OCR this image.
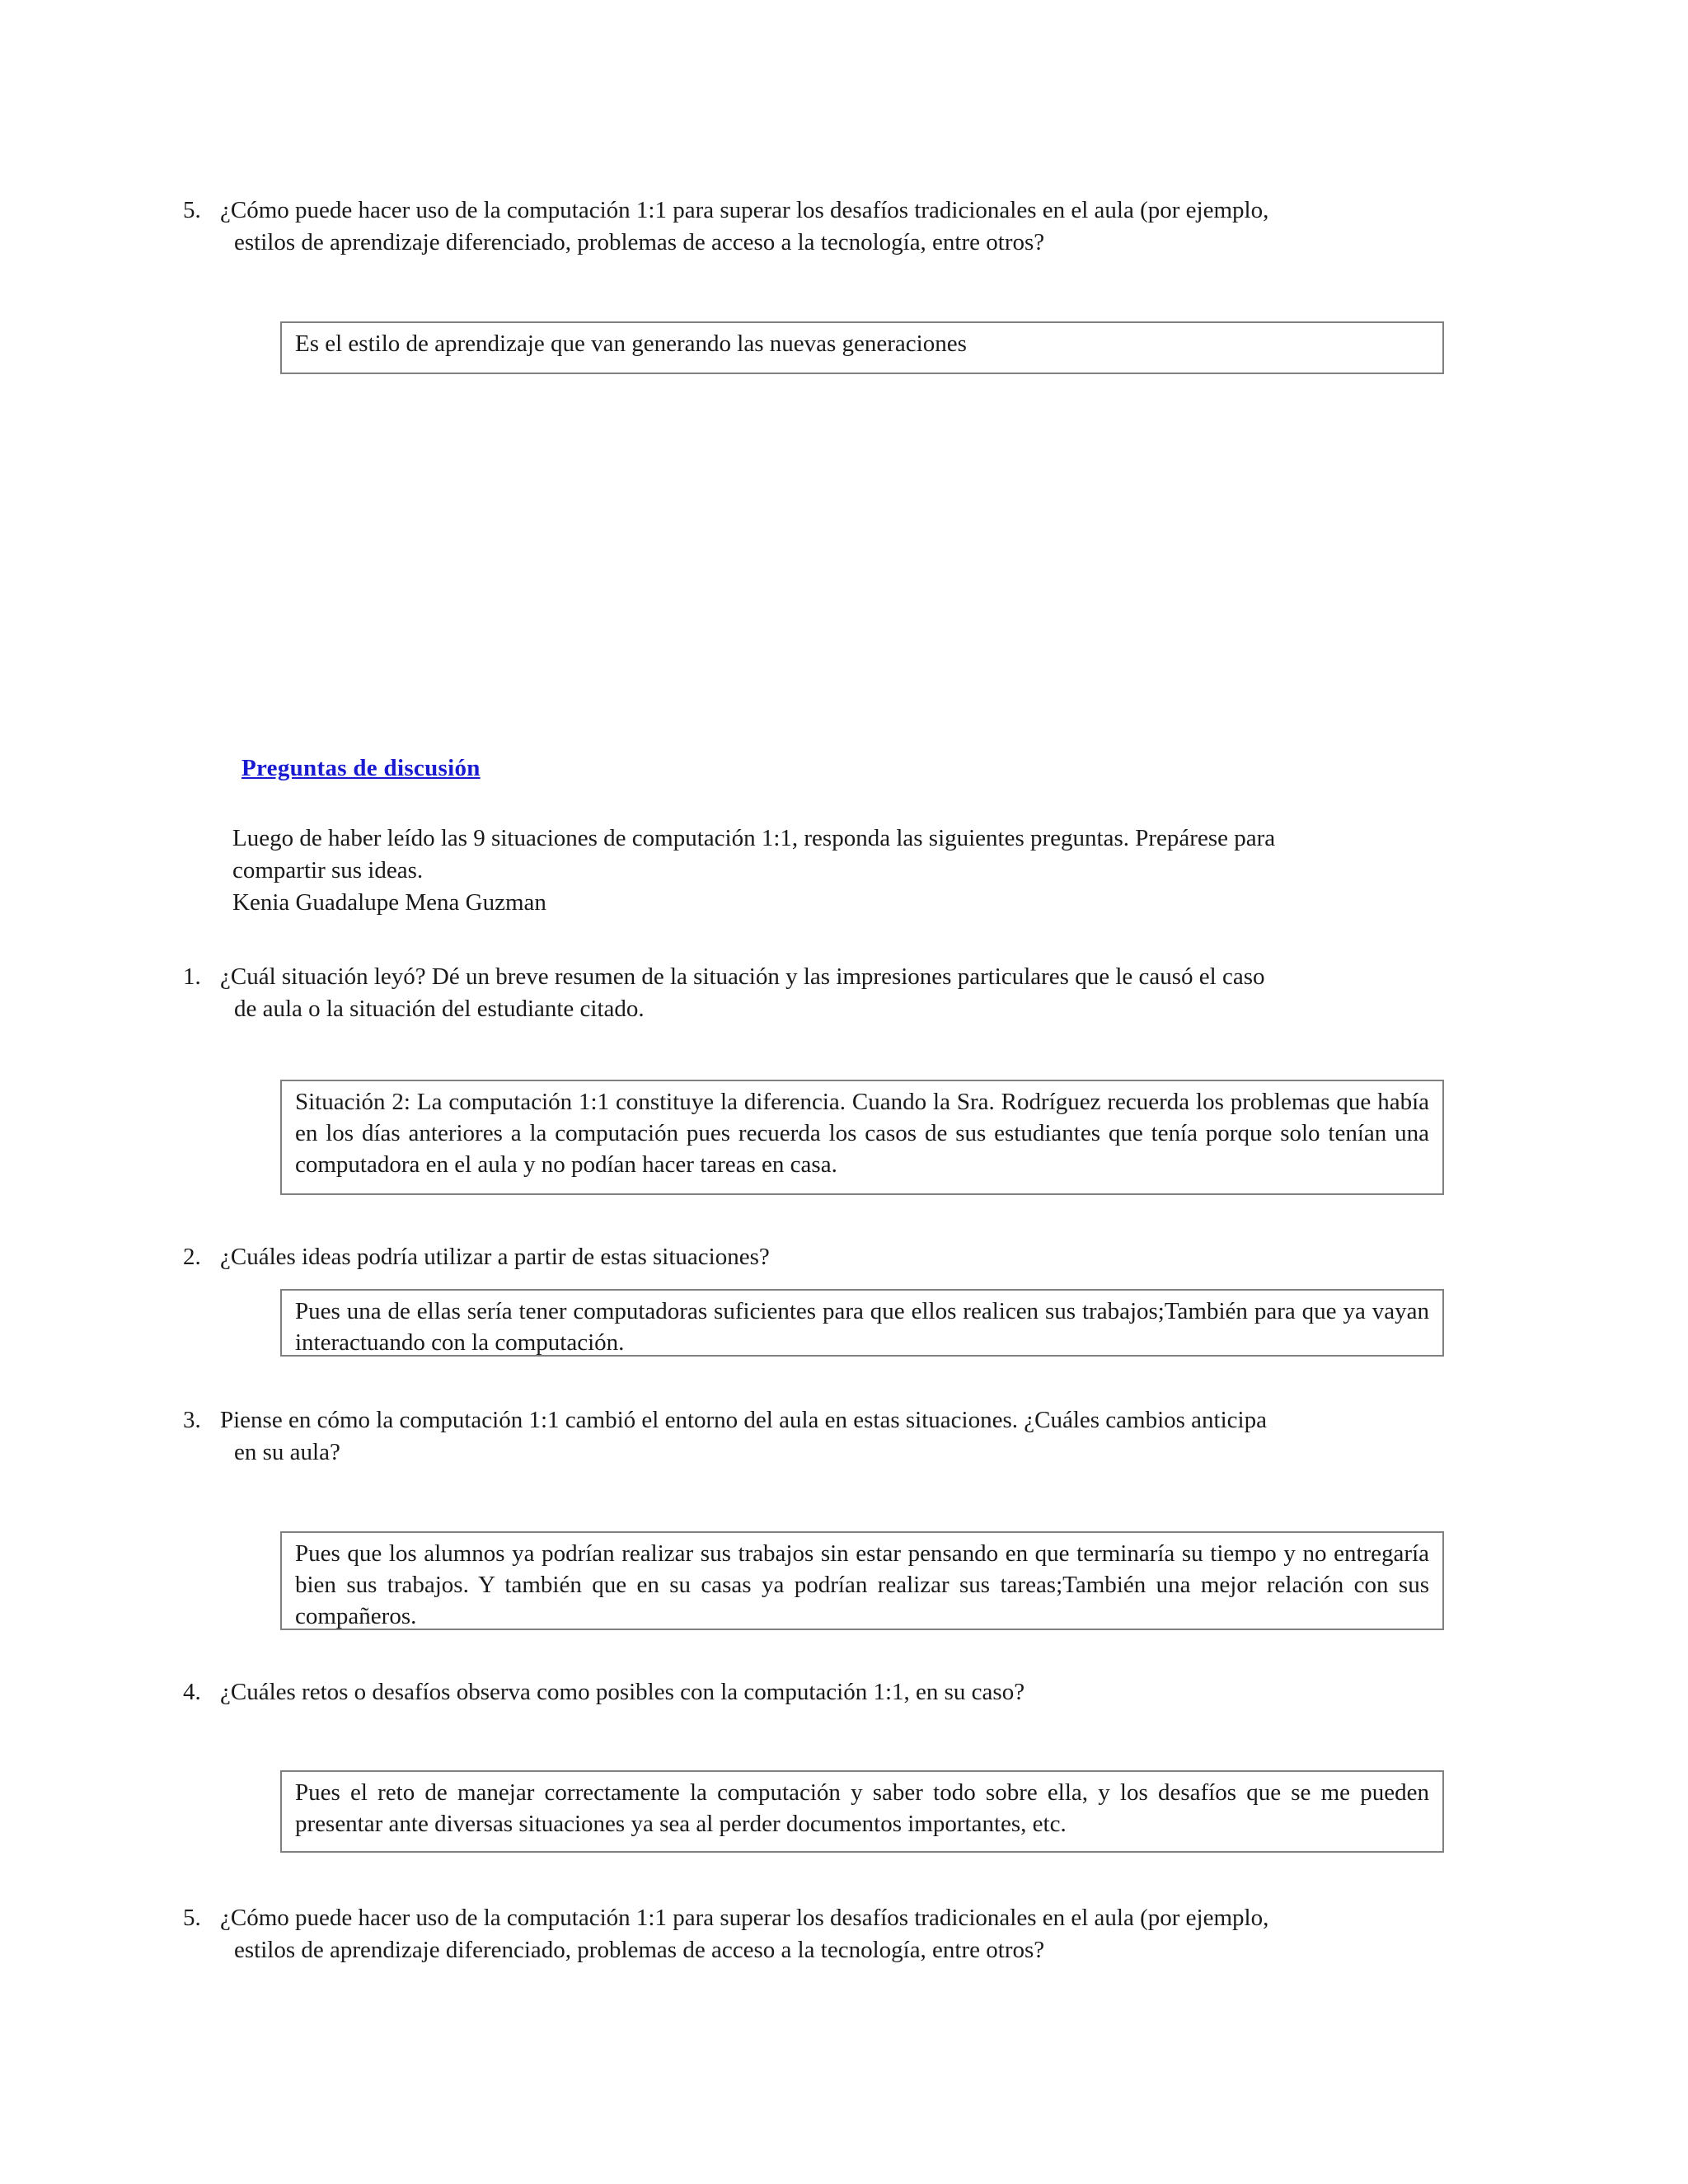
5. ¿Cómo puede hacer uso de la computación 1:1 para superar los desafíos tradicionales en el aula (por ejemplo,
estilos de aprendizaje diferenciado, problemas de acceso a la tecnología, entre otros?
Es el estilo de aprendizaje que van generando las nuevas generaciones
Preguntas de discusión
Luego de haber leído las 9 situaciones de computación 1:1, responda las siguientes preguntas. Prepárese para
compartir sus ideas.
Kenia Guadalupe Mena Guzman
1. ¿Cuál situación leyó? Dé un breve resumen de la situación y las impresiones particulares que le causó el caso
de aula o la situación del estudiante citado.
Situación 2: La computación 1:1 constituye la diferencia. Cuando la Sra. Rodríguez recuerda los problemas que había en los días anteriores a la computación pues recuerda los casos de sus estudiantes que tenía porque solo tenían una computadora en el aula y no podían hacer tareas en casa.
2. ¿Cuáles ideas podría utilizar a partir de estas situaciones?
Pues una de ellas sería tener computadoras suficientes para que ellos realicen sus trabajos;También para que ya vayan interactuando con la computación.
3. Piense en cómo la computación 1:1 cambió el entorno del aula en estas situaciones. ¿Cuáles cambios anticipa
en su aula?
Pues que los alumnos ya podrían realizar sus trabajos sin estar pensando en que terminaría su tiempo y no entregaría bien sus trabajos. Y también que en su casas ya podrían realizar sus tareas;También una mejor relación con sus compañeros.
4. ¿Cuáles retos o desafíos observa como posibles con la computación 1:1, en su caso?
Pues el reto de manejar correctamente la computación y saber todo sobre ella, y los desafíos que se me pueden presentar ante diversas situaciones ya sea al perder documentos importantes, etc.
5. ¿Cómo puede hacer uso de la computación 1:1 para superar los desafíos tradicionales en el aula (por ejemplo,
estilos de aprendizaje diferenciado, problemas de acceso a la tecnología, entre otros?
